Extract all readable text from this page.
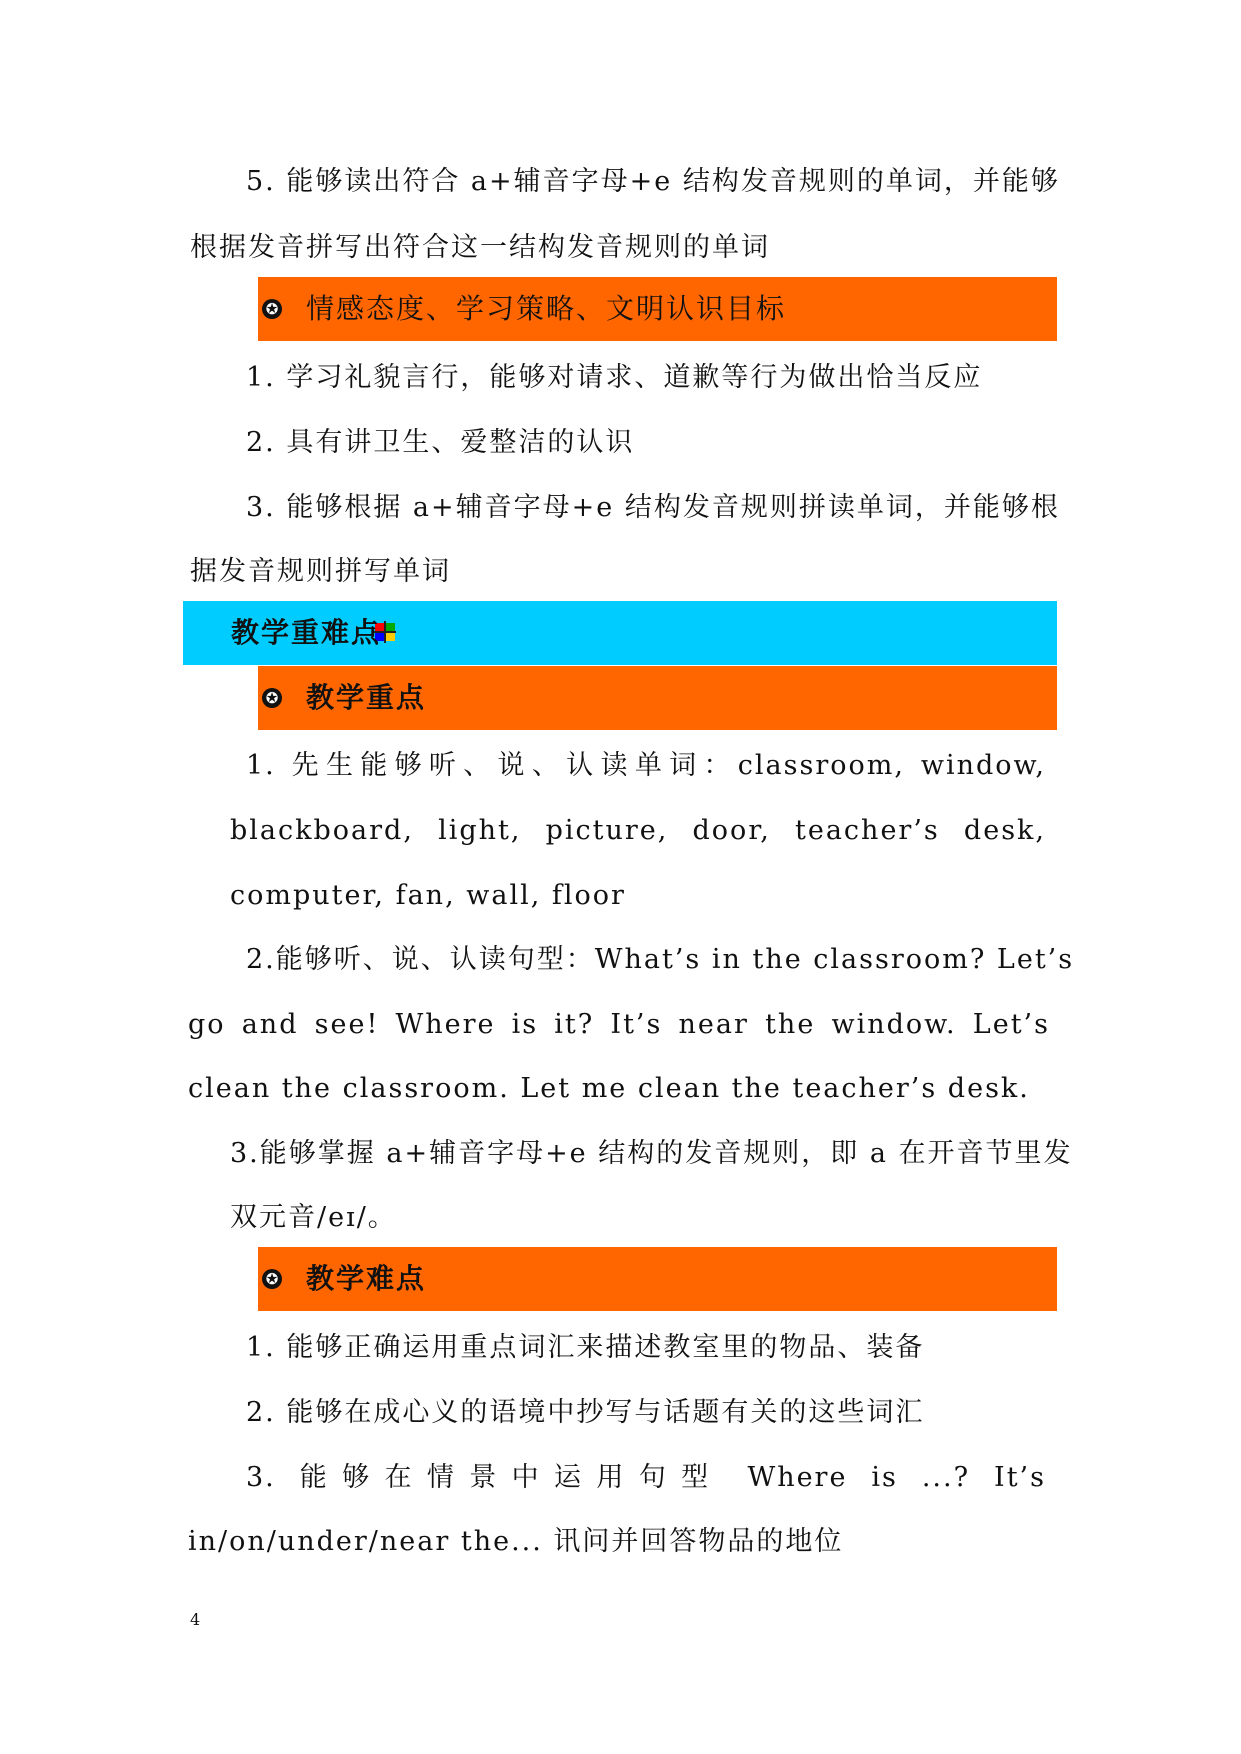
5. 能够读出符合 a+辅音字母+e 结构发音规则的单词，并能够
根据发音拼写出符合这一结构发音规则的单词
✪ 情感态度、学习策略、文明认识目标
1. 学习礼貌言行，能够对请求、道歉等行为做出恰当反应
2. 具有讲卫生、爱整洁的认识
3. 能够根据 a+辅音字母+e 结构发音规则拼读单词，并能够根
据发音规则拼写单词
教学重难点
✪ 教学重点
1. 先生能够听、说、认读单词：classroom, window,
blackboard, light, picture, door, teacher’s desk,
computer, fan, wall, floor
2.能够听、说、认读句型：What’s in the classroom? Let’s
go and see! Where is it? It’s near the window. Let’s
clean the classroom. Let me clean the teacher’s desk.
3.能够掌握 a+辅音字母+e 结构的发音规则，即 a 在开音节里发
双元音/eɪ/。
✪ 教学难点
1. 能够正确运用重点词汇来描述教室里的物品、装备
2. 能够在成心义的语境中抄写与话题有关的这些词汇
3. 能够在情景中运用句型 Where is ...? It’s
in/on/under/near the... 讯问并回答物品的地位
4
